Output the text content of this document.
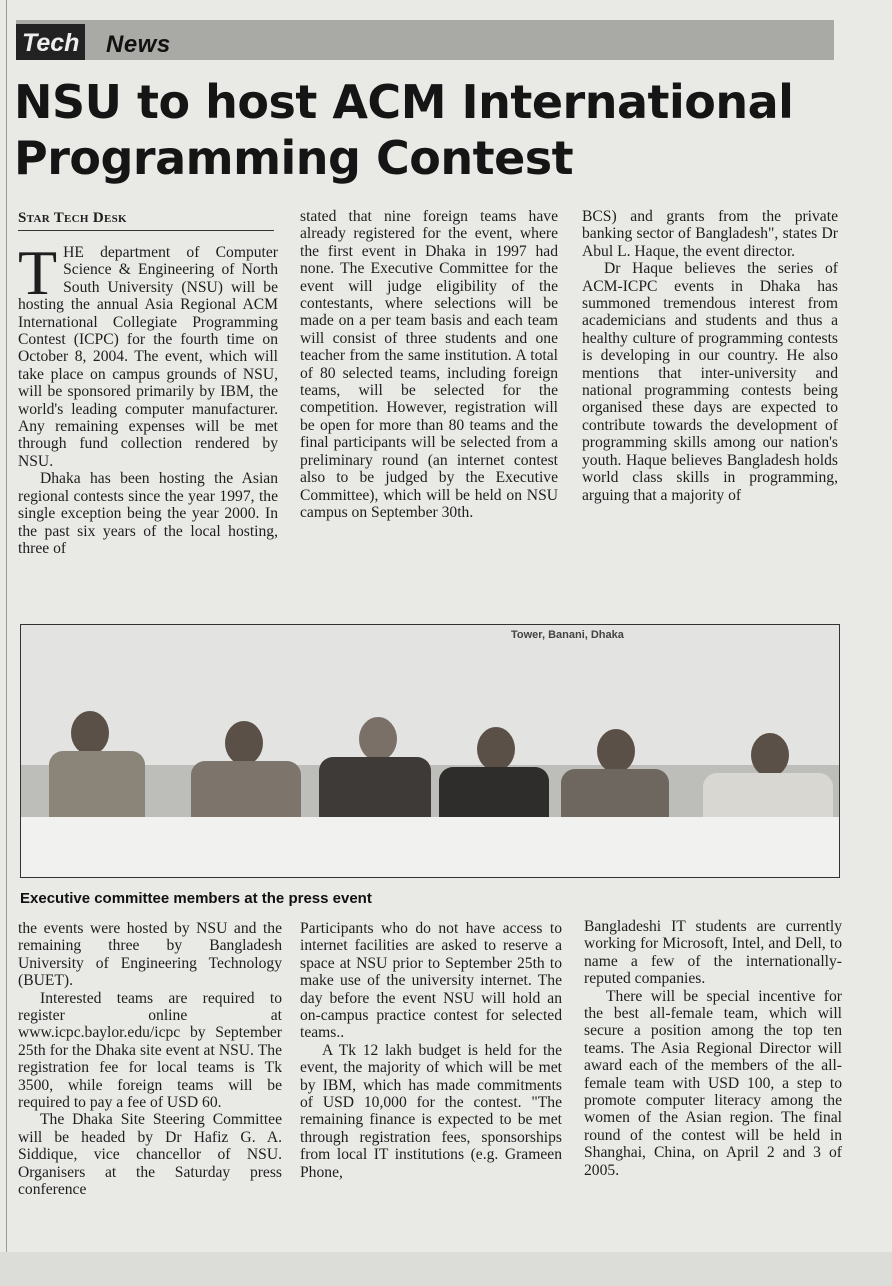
Tech News
NSU to host ACM International Programming Contest
Star Tech Desk

THE department of Computer Science & Engineering of North South University (NSU) will be hosting the annual Asia Regional ACM International Collegiate Programming Contest (ICPC) for the fourth time on October 8, 2004. The event, which will take place on campus grounds of NSU, will be sponsored primarily by IBM, the world's leading computer manufacturer. Any remaining expenses will be met through fund collection rendered by NSU.

Dhaka has been hosting the Asian regional contests since the year 1997, the single exception being the year 2000. In the past six years of the local hosting, three of

stated that nine foreign teams have already registered for the event, where the first event in Dhaka in 1997 had none. The Executive Committee for the event will judge eligibility of the contestants, where selections will be made on a per team basis and each team will consist of three students and one teacher from the same institution. A total of 80 selected teams, including foreign teams, will be selected for the competition. However, registration will be open for more than 80 teams and the final participants will be selected from a preliminary round (an internet contest also to be judged by the Executive Committee), which will be held on NSU campus on September 30th.

BCS) and grants from the private banking sector of Bangladesh", states Dr Abul L. Haque, the event director.

Dr Haque believes the series of ACM-ICPC events in Dhaka has summoned tremendous interest from academicians and students and thus a healthy culture of programming contests is developing in our country. He also mentions that inter-university and national programming contests being organised these days are expected to contribute towards the development of programming skills among our nation's youth. Haque believes Bangladesh holds world class skills in programming, arguing that a majority of

Tower, Banani, Dhaka
Executive committee members at the press event

the events were hosted by NSU and the remaining three by Bangladesh University of Engineering Technology (BUET).

Interested teams are required to register online at www.icpc.baylor.edu/icpc by September 25th for the Dhaka site event at NSU. The registration fee for local teams is Tk 3500, while foreign teams will be required to pay a fee of USD 60.

The Dhaka Site Steering Committee will be headed by Dr Hafiz G. A. Siddique, vice chancellor of NSU. Organisers at the Saturday press conference

Participants who do not have access to internet facilities are asked to reserve a space at NSU prior to September 25th to make use of the university internet. The day before the event NSU will hold an on-campus practice contest for selected teams..

A Tk 12 lakh budget is held for the event, the majority of which will be met by IBM, which has made commitments of USD 10,000 for the contest. "The remaining finance is expected to be met through registration fees, sponsorships from local IT institutions (e.g. Grameen Phone,

Bangladeshi IT students are currently working for Microsoft, Intel, and Dell, to name a few of the internationally-reputed companies.

There will be special incentive for the best all-female team, which will secure a position among the top ten teams. The Asia Regional Director will award each of the members of the all-female team with USD 100, a step to promote computer literacy among the women of the Asian region. The final round of the contest will be held in Shanghai, China, on April 2 and 3 of 2005.
